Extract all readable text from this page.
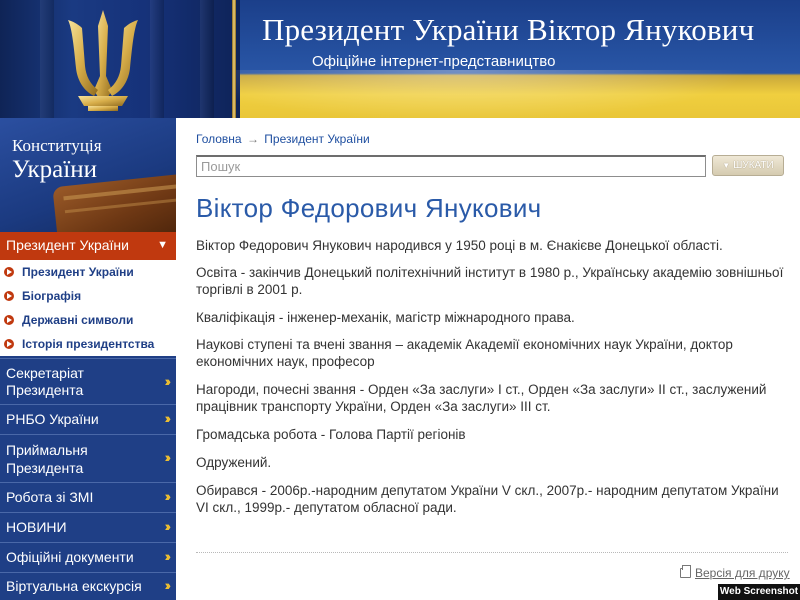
Президент України Віктор Янукович
Офіційне інтернет-представництво
Конституція
України
Президент України	▼
Президент України
Біографія
Державні символи
Історія президентства
Секретаріат
Президента
››
РНБО України	››
Приймальня
Президента
››
Робота зі ЗМІ	››
НОВИНИ	››
Офіційні документи ››
Віртуальна екскурсія ››
Головна → Президент України
Пошук
▼ ШУКАТИ
Віктор Федорович Янукович
Віктор Федорович Янукович народився у 1950 році в м. Єнакієве Донецької області.
Освіта - закінчив Донецький політехнічний інститут в 1980 р., Українську академію зовнішньої торгівлі в 2001 р.
Кваліфікація - інженер-механік, магістр міжнародного права.
Наукові ступені та вчені звання – академік Академії економічних наук України, доктор економічних наук, професор
Нагороди, почесні звання - Орден «За заслуги» I ст., Орден «За заслуги» II ст., заслужений працівник транспорту України, Орден «За заслуги» III ст.
Громадська робота - Голова Партії регіонів
Одружений.
Обирався - 2006р.-народним депутатом України V скл., 2007р.- народним депутатом України VI скл., 1999р.- депутатом обласної ради.
Версія для друку
Web Screenshot
